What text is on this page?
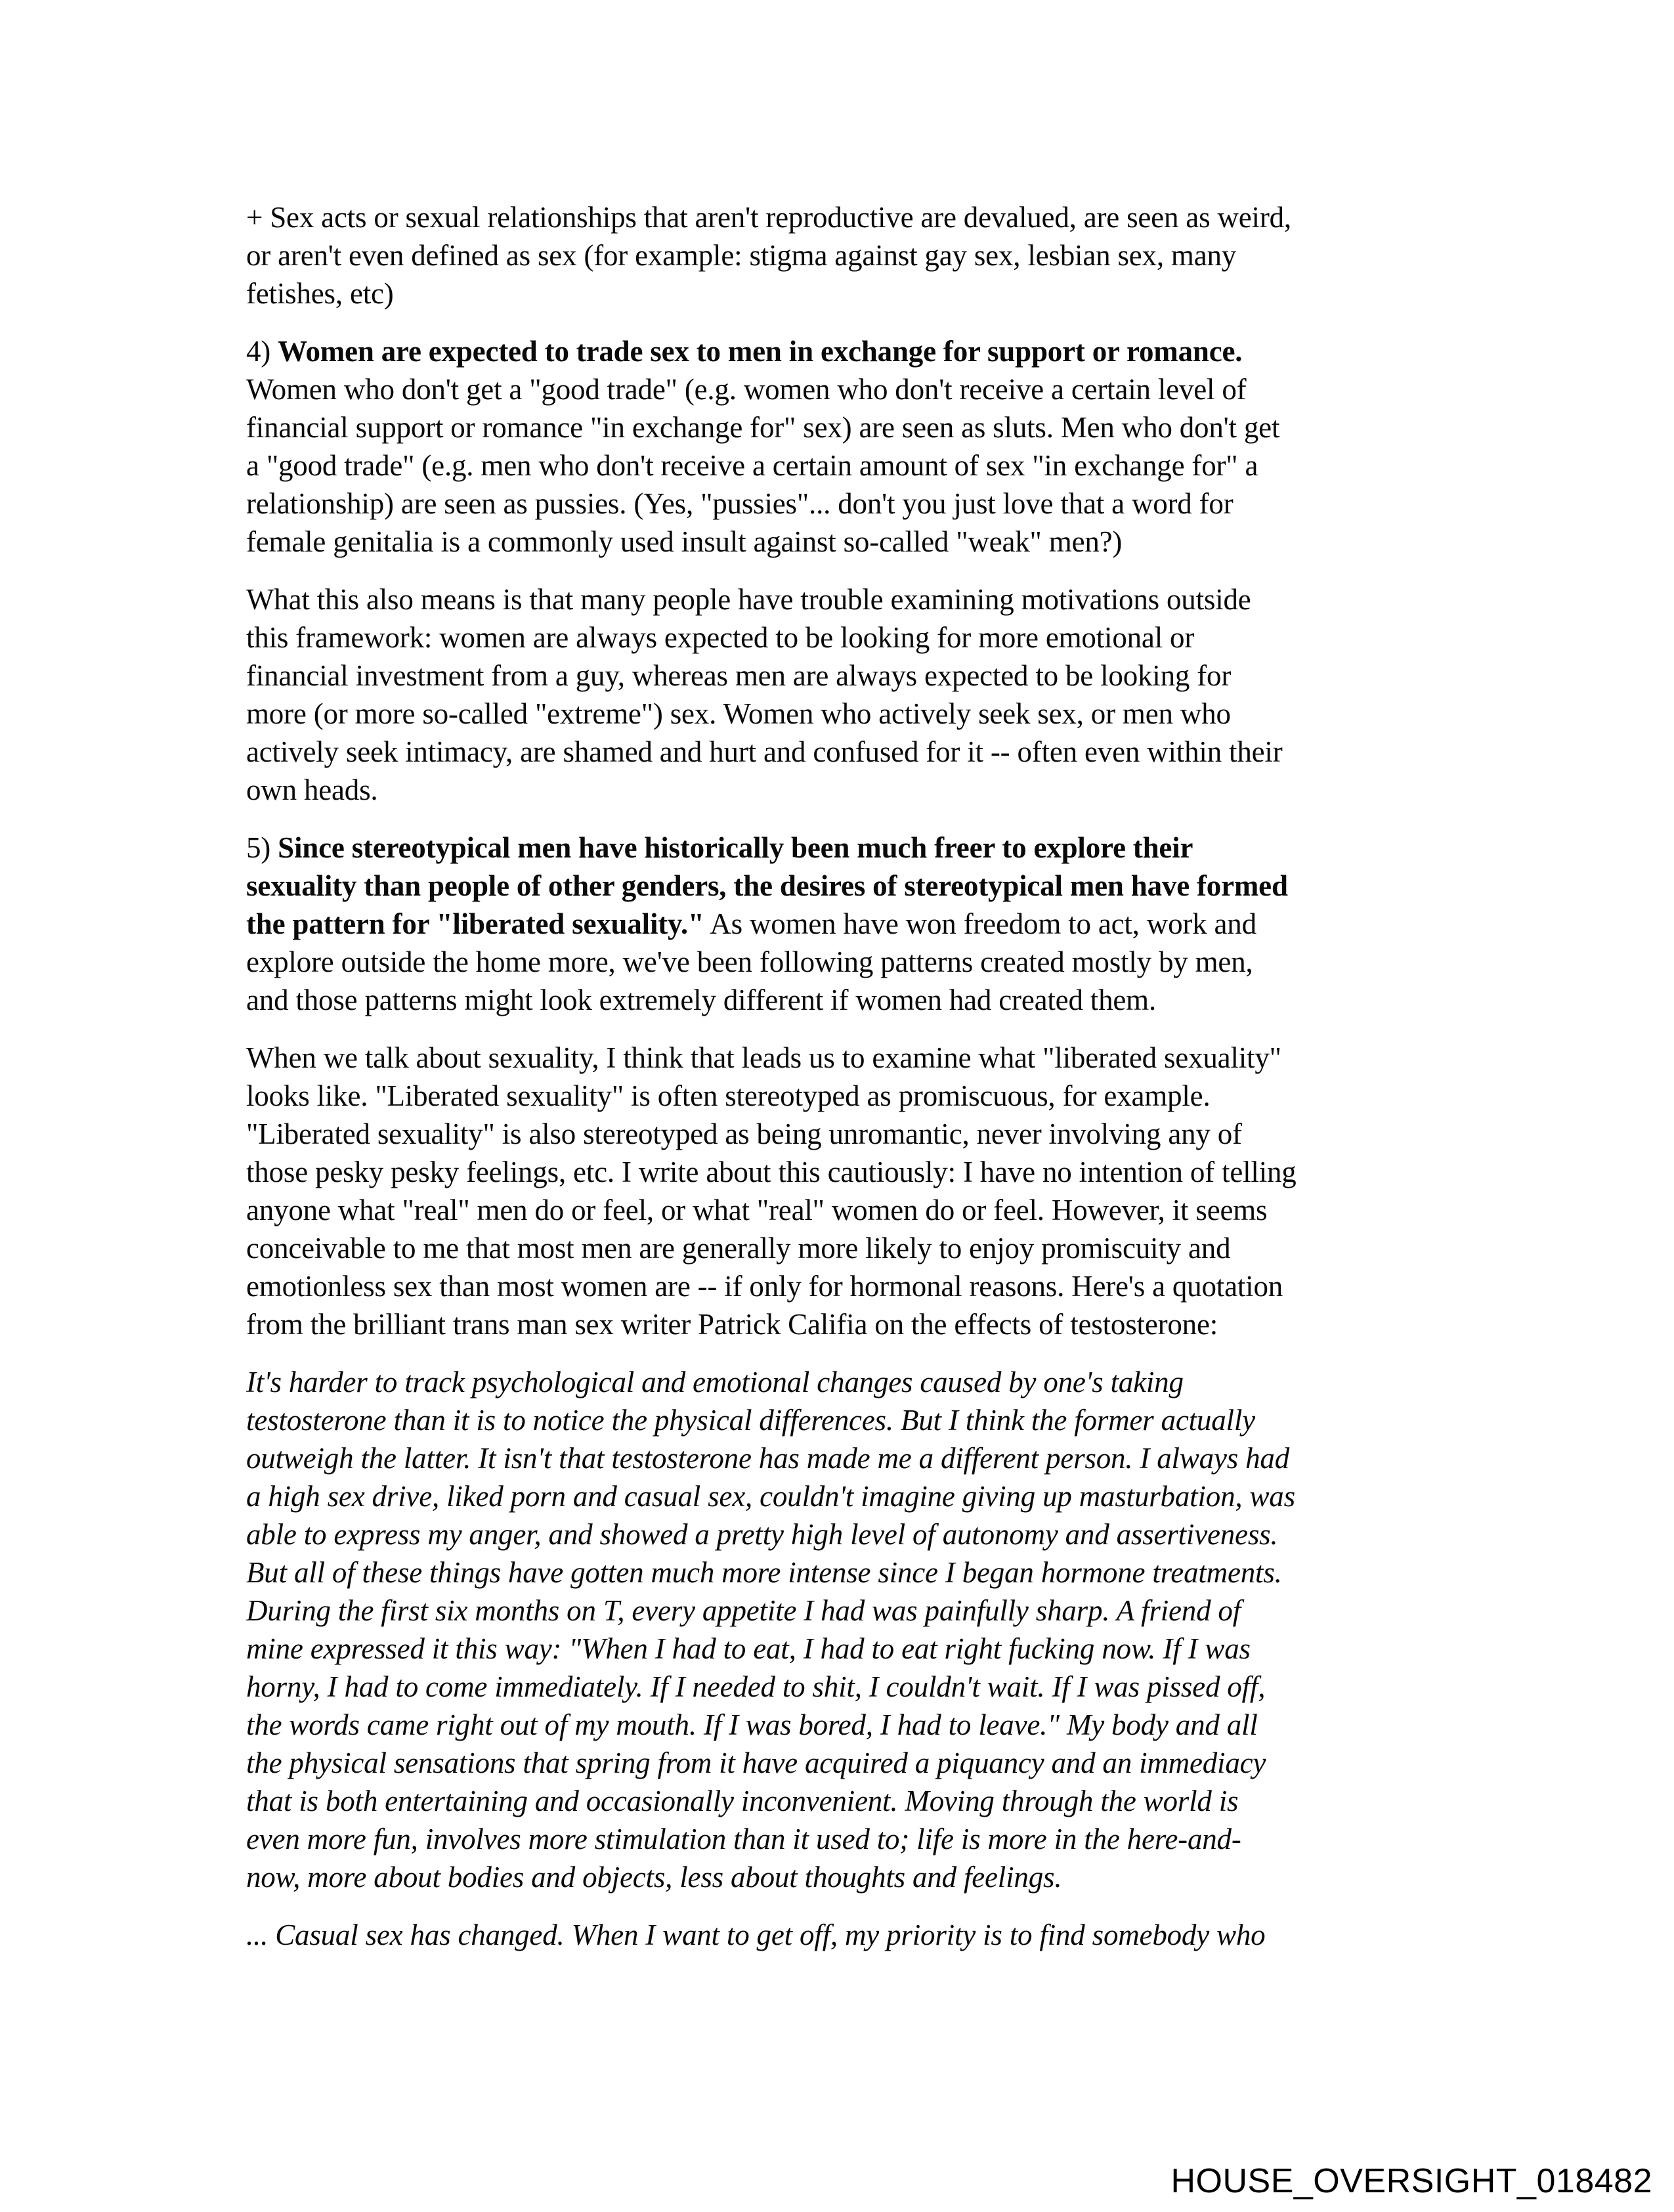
+ Sex acts or sexual relationships that aren't reproductive are devalued, are seen as weird,
or aren't even defined as sex (for example: stigma against gay sex, lesbian sex, many
fetishes, etc)
4) Women are expected to trade sex to men in exchange for support or romance.
Women who don't get a "good trade" (e.g. women who don't receive a certain level of
financial support or romance "in exchange for" sex) are seen as sluts. Men who don't get
a "good trade" (e.g. men who don't receive a certain amount of sex "in exchange for" a
relationship) are seen as pussies. (Yes, "pussies"... don't you just love that a word for
female genitalia is a commonly used insult against so-called "weak" men?)
What this also means is that many people have trouble examining motivations outside
this framework: women are always expected to be looking for more emotional or
financial investment from a guy, whereas men are always expected to be looking for
more (or more so-called "extreme") sex. Women who actively seek sex, or men who
actively seek intimacy, are shamed and hurt and confused for it -- often even within their
own heads.
5) Since stereotypical men have historically been much freer to explore their
sexuality than people of other genders, the desires of stereotypical men have formed
the pattern for "liberated sexuality." As women have won freedom to act, work and
explore outside the home more, we've been following patterns created mostly by men,
and those patterns might look extremely different if women had created them.
When we talk about sexuality, I think that leads us to examine what "liberated sexuality"
looks like. "Liberated sexuality" is often stereotyped as promiscuous, for example.
"Liberated sexuality" is also stereotyped as being unromantic, never involving any of
those pesky pesky feelings, etc. I write about this cautiously: I have no intention of telling
anyone what "real" men do or feel, or what "real" women do or feel. However, it seems
conceivable to me that most men are generally more likely to enjoy promiscuity and
emotionless sex than most women are -- if only for hormonal reasons. Here's a quotation
from the brilliant trans man sex writer Patrick Califia on the effects of testosterone:
It's harder to track psychological and emotional changes caused by one's taking
testosterone than it is to notice the physical differences. But I think the former actually
outweigh the latter. It isn't that testosterone has made me a different person. I always had
a high sex drive, liked porn and casual sex, couldn't imagine giving up masturbation, was
able to express my anger, and showed a pretty high level of autonomy and assertiveness.
But all of these things have gotten much more intense since I began hormone treatments.
During the first six months on T, every appetite I had was painfully sharp. A friend of
mine expressed it this way: "When I had to eat, I had to eat right fucking now. If I was
horny, I had to come immediately. If I needed to shit, I couldn't wait. If I was pissed off,
the words came right out of my mouth. If I was bored, I had to leave." My body and all
the physical sensations that spring from it have acquired a piquancy and an immediacy
that is both entertaining and occasionally inconvenient. Moving through the world is
even more fun, involves more stimulation than it used to; life is more in the here-and-
now, more about bodies and objects, less about thoughts and feelings.
... Casual sex has changed. When I want to get off, my priority is to find somebody who
HOUSE_OVERSIGHT_018482
